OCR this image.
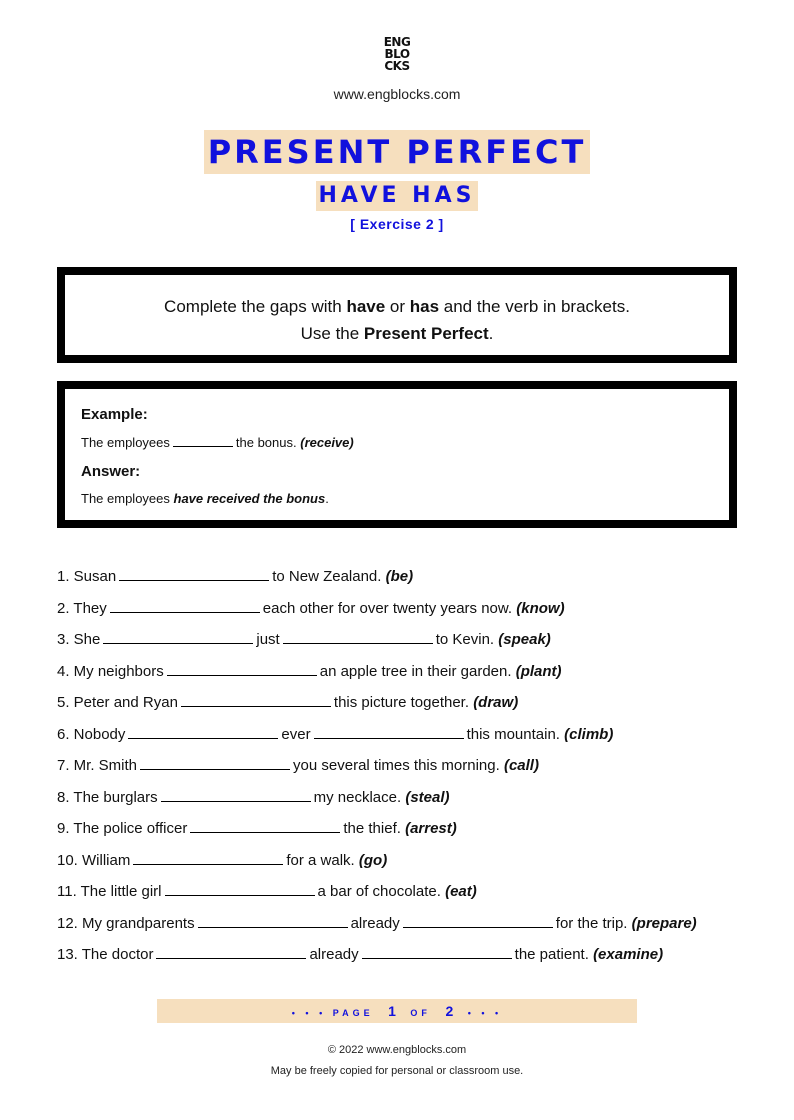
ENG
BLO
CKS
www.engblocks.com
PRESENT PERFECT
HAVE HAS
[ Exercise 2 ]
Complete the gaps with have or has and the verb in brackets.
Use the Present Perfect.
Example:
The employees	the bonus. (receive)
Answer:
The employees have received the bonus.
1. Susan	to New Zealand. (be)
2. They	each other for over twenty years now. (know)
3. She	just	to Kevin. (speak)
4. My neighbors	an apple tree in their garden. (plant)
5. Peter and Ryan	this picture together. (draw)
6. Nobody	ever	this mountain. (climb)
7. Mr. Smith	you several times this morning. (call)
8. The burglars	my necklace. (steal)
9. The police officer	the thief. (arrest)
10. William	for a walk. (go)
11. The little girl	a bar of chocolate. (eat)
12. My grandparents	already	for the trip. (prepare)
13. The doctor	already	the patient. (examine)
• • • PAGE 1 OF 2 • • •
© 2022 www.engblocks.com
May be freely copied for personal or classroom use.
